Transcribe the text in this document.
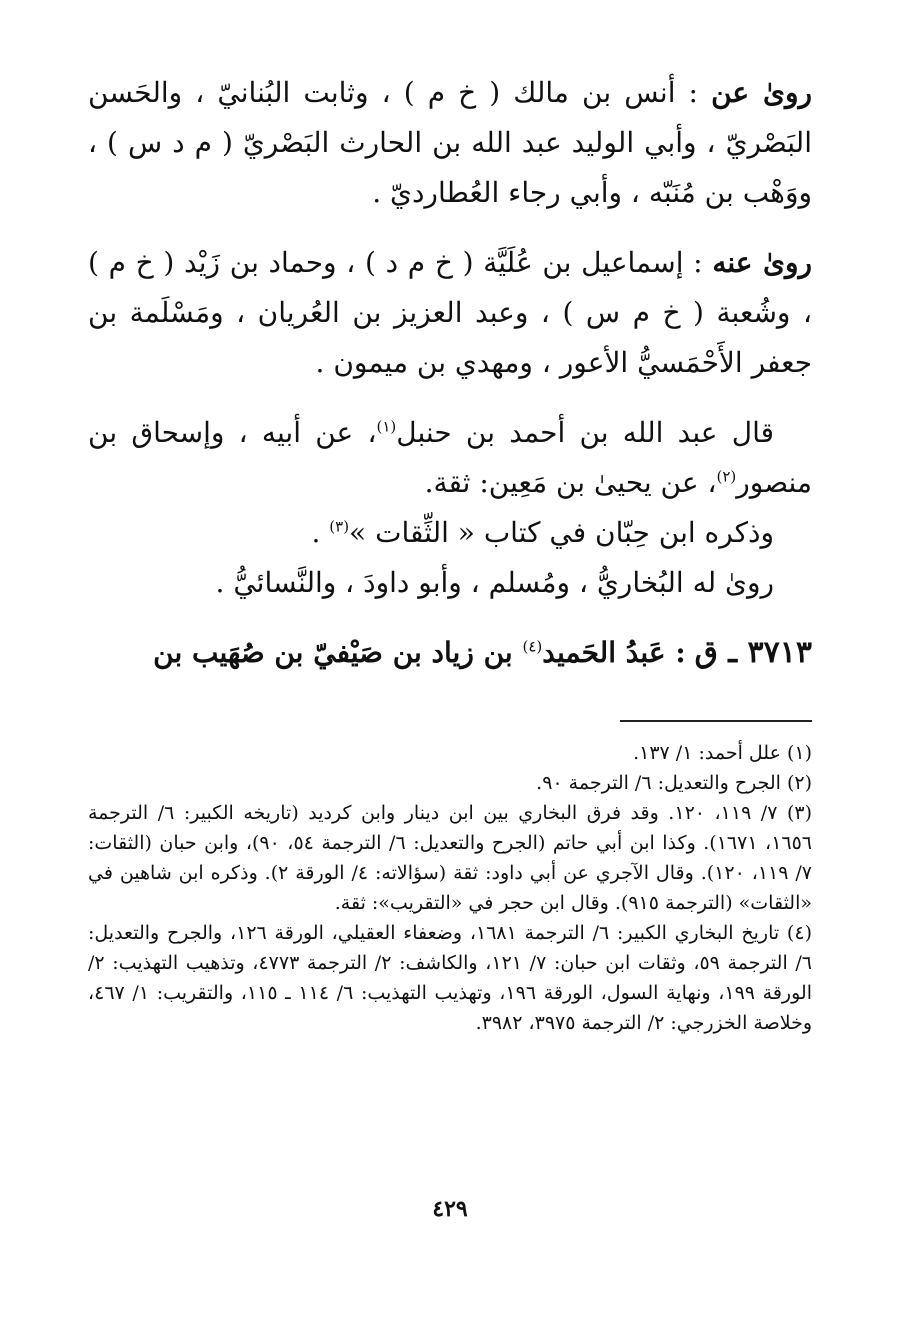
روىٰ عن : أنس بن مالك ( خ م ) ، وثابت البُنانيّ ، والحَسن البَصْريّ ، وأبي الوليد عبد الله بن الحارث البَصْريّ ( م د س ) ، ووَهْب بن مُنَبّه ، وأبي رجاء العُطارديّ .

روىٰ عنه : إسماعيل بن عُلَيَّة ( خ م د ) ، وحماد بن زَيْد ( خ م ) ، وشُعبة ( خ م س ) ، وعبد العزيز بن العُريان ، ومَسْلَمة بن جعفر الأَحْمَسيُّ الأعور ، ومهدي بن ميمون .

قال عبد الله بن أحمد بن حنبل$^{(١)}$، عن أبيه ، وإسحاق بن منصور$^{(٢)}$، عن يحيىٰ بن مَعِين: ثقة.

وذكره ابن حِبّان في كتاب « الثِّقات »$^{(٣)}$ .

روىٰ له البُخاريُّ ، ومُسلم ، وأبو داودَ ، والنَّسائيُّ .

٣٧١٣ ـ ق : عَبدُ الحَميد$^{(٤)}$ بن زياد بن صَيْفيّ بن صُهَيب بن

(١) علل أحمد: ١/ ١٣٧.

(٢) الجرح والتعديل: ٦/ الترجمة ٩٠.

(٣) ٧/ ١١٩، ١٢٠. وقد فرق البخاري بين ابن دينار وابن كرديد (تاريخه الكبير: ٦/ الترجمة ١٦٥٦، ١٦٧١). وكذا ابن أبي حاتم (الجرح والتعديل: ٦/ الترجمة ٥٤، ٩٠)، وابن حبان (الثقات: ٧/ ١١٩، ١٢٠). وقال الآجري عن أبي داود: ثقة (سؤالاته: ٤/ الورقة ٢). وذكره ابن شاهين في «الثقات» (الترجمة ٩١٥). وقال ابن حجر في «التقريب»: ثقة.

(٤) تاريخ البخاري الكبير: ٦/ الترجمة ١٦٨١، وضعفاء العقيلي، الورقة ١٢٦، والجرح والتعديل: ٦/ الترجمة ٥٩، وثقات ابن حبان: ٧/ ١٢١، والكاشف: ٢/ الترجمة ٤٧٧٣، وتذهيب التهذيب: ٢/ الورقة ١٩٩، ونهاية السول، الورقة ١٩٦، وتهذيب التهذيب: ٦/ ١١٤ ـ ١١٥، والتقريب: ١/ ٤٦٧، وخلاصة الخزرجي: ٢/ الترجمة ٣٩٧٥، ٣٩٨٢.

٤٢٩
